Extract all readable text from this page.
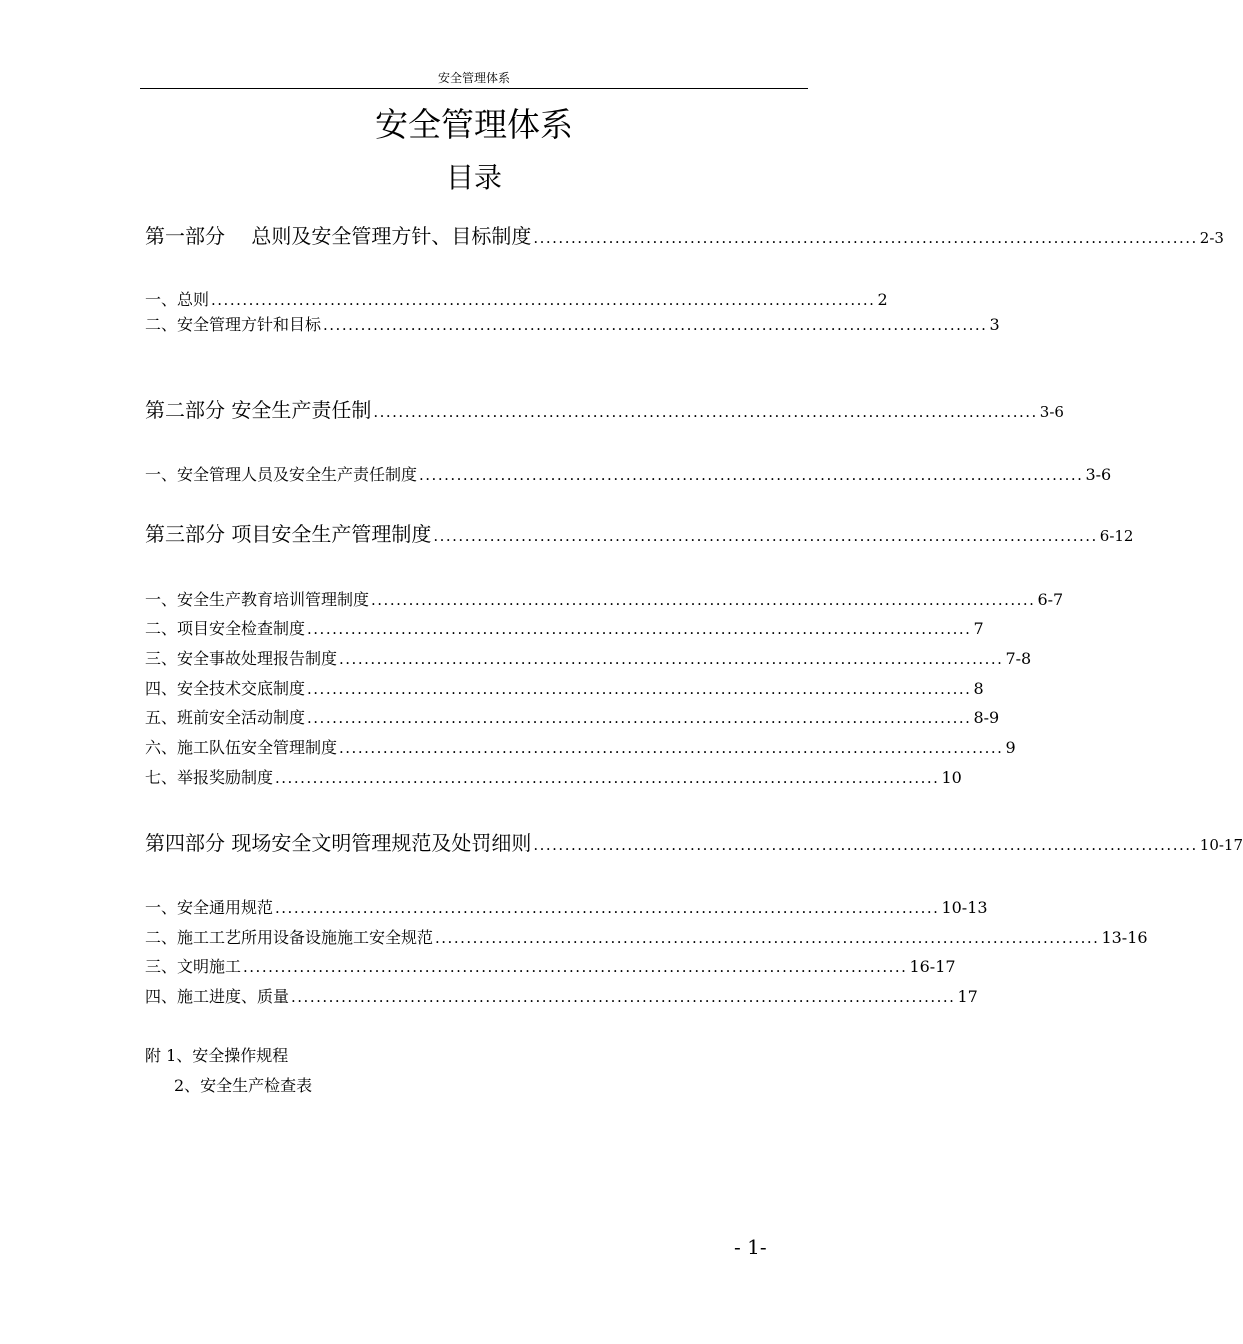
安全管理体系
安全管理体系
目录
第一部分　 总则及安全管理方针、目标制度 .......................................................................................................... 2-3
一、总则 .......................................................................................................... 2
二、安全管理方针和目标 .......................................................................................................... 3
第二部分 安全生产责任制 .......................................................................................................... 3-6
一、安全管理人员及安全生产责任制度 .......................................................................................................... 3-6
第三部分 项目安全生产管理制度 .......................................................................................................... 6-12
一、安全生产教育培训管理制度 .......................................................................................................... 6-7
二、项目安全检查制度 .......................................................................................................... 7
三、安全事故处理报告制度 .......................................................................................................... 7-8
四、安全技术交底制度 .......................................................................................................... 8
五、班前安全活动制度 .......................................................................................................... 8-9
六、施工队伍安全管理制度 .......................................................................................................... 9
七、举报奖励制度 .......................................................................................................... 10
第四部分 现场安全文明管理规范及处罚细则 .......................................................................................................... 10-17
一、安全通用规范 .......................................................................................................... 10-13
二、施工工艺所用设备设施施工安全规范 .......................................................................................................... 13-16
三、文明施工 .......................................................................................................... 16-17
四、施工进度、质量 .......................................................................................................... 17
附 1、安全操作规程
2、安全生产检查表
- 1-
